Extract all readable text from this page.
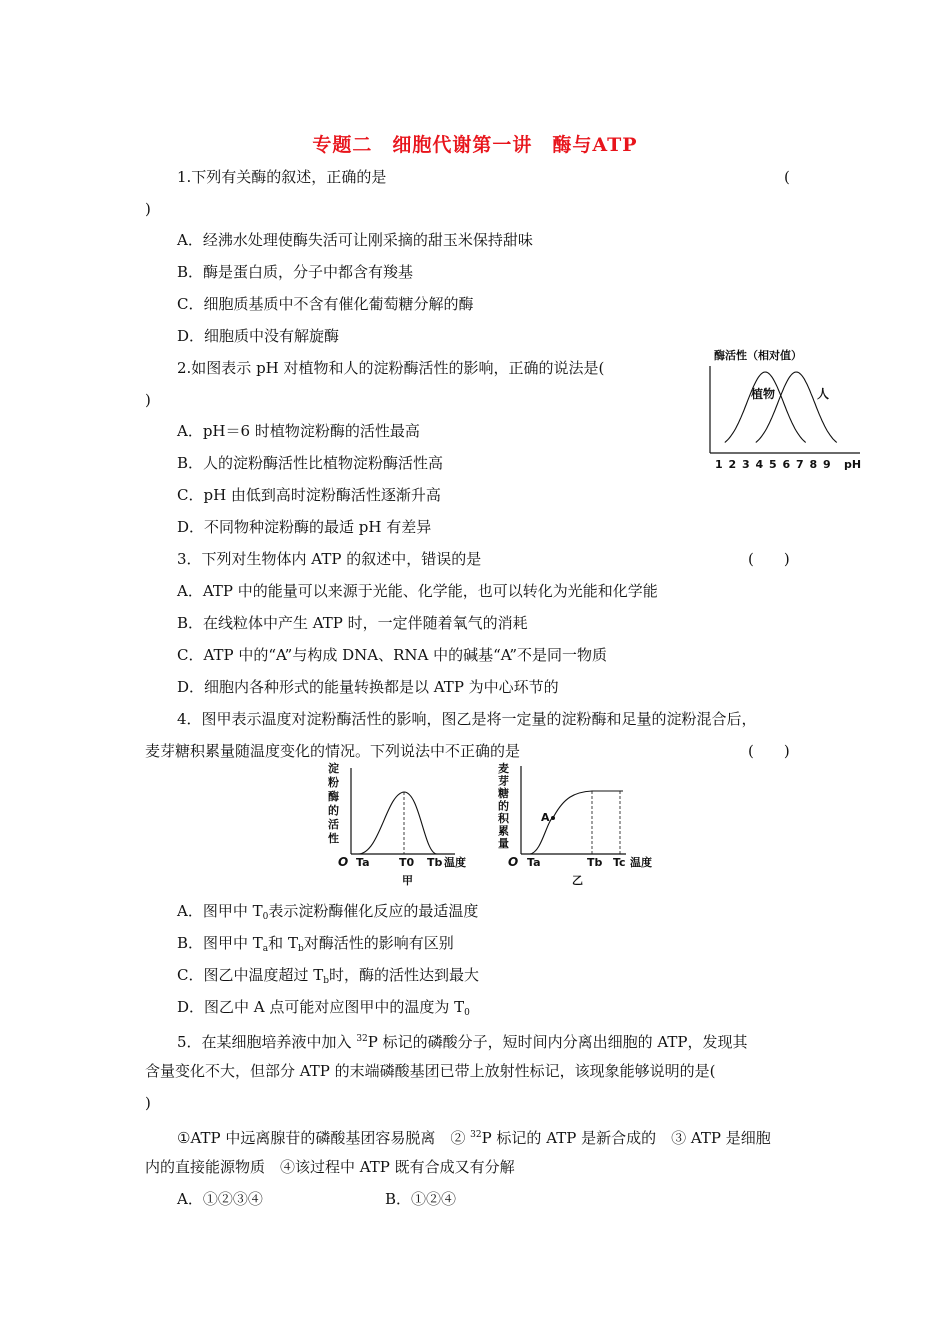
专题二　细胞代谢第一讲　酶与ATP
1.下列有关酶的叙述，正确的是	(
)
A．经沸水处理使酶失活可让刚采摘的甜玉米保持甜味
B．酶是蛋白质，分子中都含有羧基
C．细胞质基质中不含有催化葡萄糖分解的酶
D．细胞质中没有解旋酶
2.如图表示 pH 对植物和人的淀粉酶活性的影响，正确的说法是(
)
A．pH＝6 时植物淀粉酶的活性最高
B．人的淀粉酶活性比植物淀粉酶活性高
C．pH 由低到高时淀粉酶活性逐渐升高
D．不同物种淀粉酶的最适 pH 有差异
酶活性（相对值）
植物	人
1 2 3 4 5 6 7 8 9 pH
3．下列对生物体内 ATP 的叙述中，错误的是	(　　)
A．ATP 中的能量可以来源于光能、化学能，也可以转化为光能和化学能
B．在线粒体中产生 ATP 时，一定伴随着氧气的消耗
C．ATP 中的“A”与构成 DNA、RNA 中的碱基“A”不是同一物质
D．细胞内各种形式的能量转换都是以 ATP 为中心环节的
4．图甲表示温度对淀粉酶活性的影响，图乙是将一定量的淀粉酶和足量的淀粉混合后，
麦芽糖积累量随温度变化的情况。下列说法中不正确的是	(　　)
淀
粉
酶
的
活
性
O Ta	T0 Tb 温度
甲
麦
芽
糖
的
积
累
量
A
O Ta	Tb Tc 温度
乙
A．图甲中 $T_0$表示淀粉酶催化反应的最适温度
B．图甲中 $T_a$和 $T_b$对酶活性的影响有区别
C．图乙中温度超过 $T_b$时，酶的活性达到最大
D．图乙中 A 点可能对应图甲中的温度为 $T_0$
5．在某细胞培养液中加入 $^{32}$P 标记的磷酸分子，短时间内分离出细胞的 ATP，发现其
含量变化不大，但部分 ATP 的末端磷酸基团已带上放射性标记，该现象能够说明的是(
)
①ATP 中远离腺苷的磷酸基团容易脱离　② $^{32}$P 标记的 ATP 是新合成的　③ ATP 是细胞
内的直接能源物质　④该过程中 ATP 既有合成又有分解
A．①②③④	B．①②④
